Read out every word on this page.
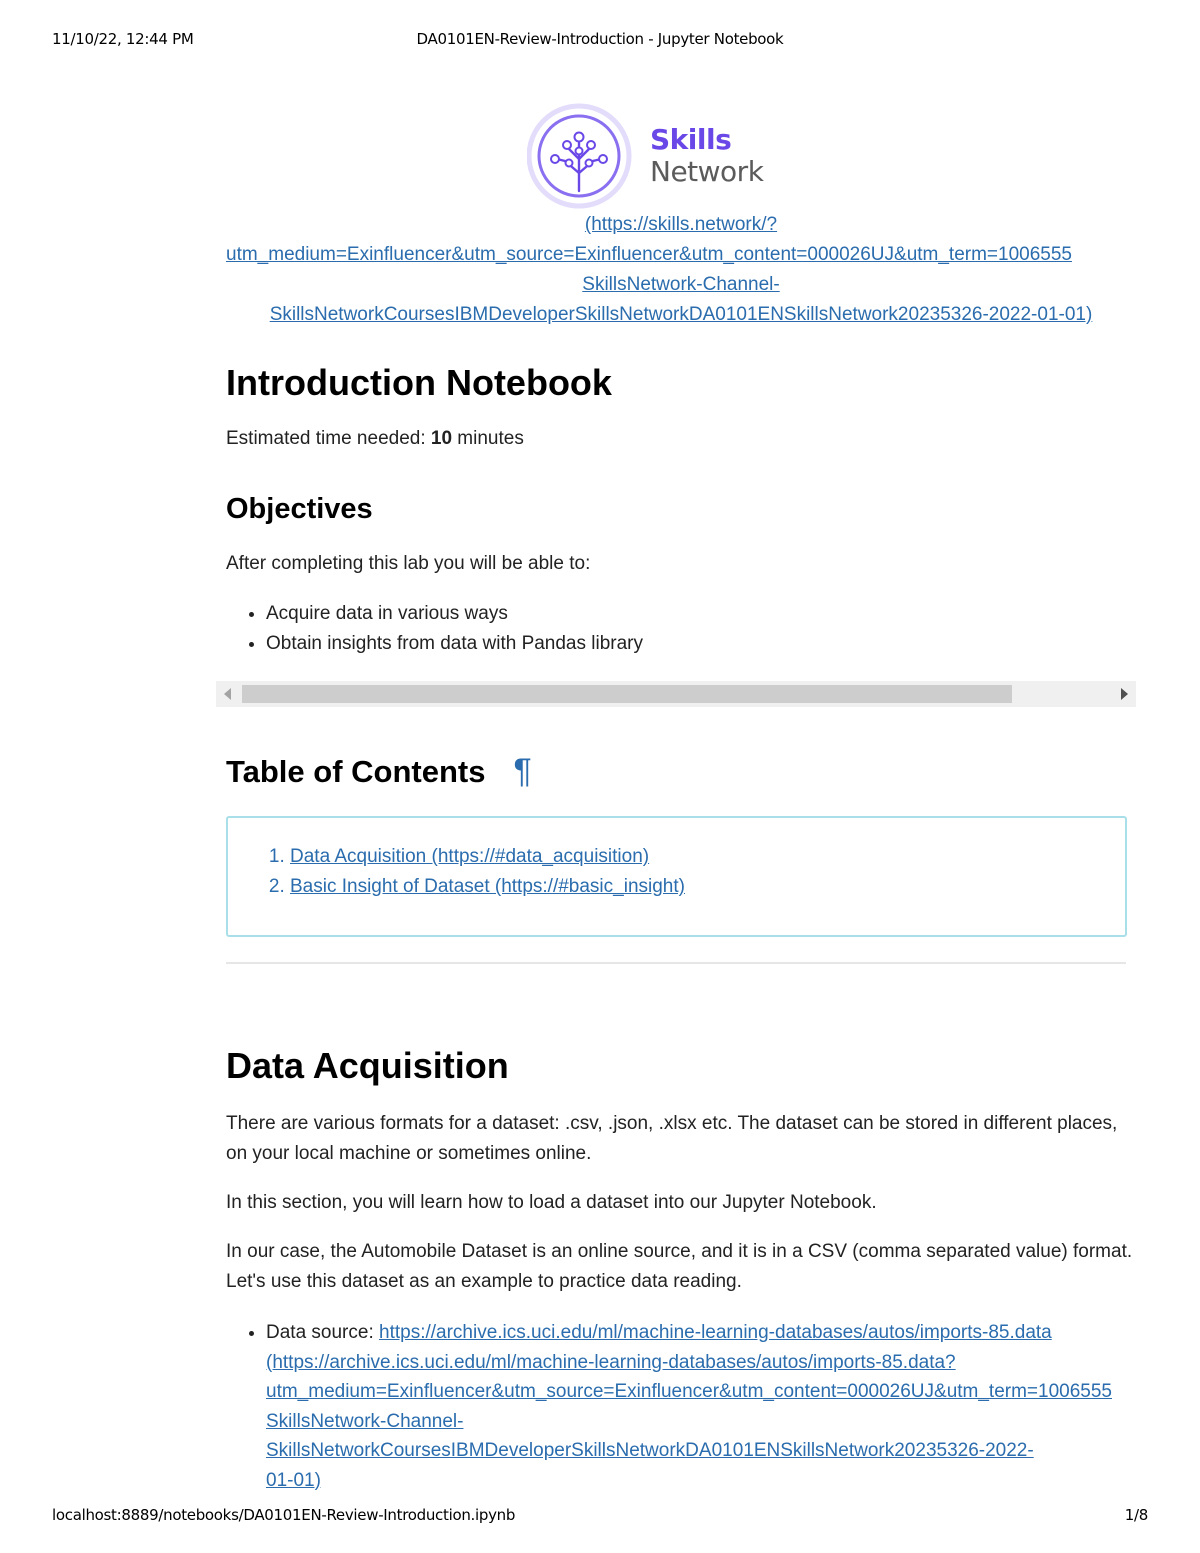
11/10/22, 12:44 PM	DA0101EN-Review-Introduction - Jupyter Notebook
Skills
Network
(https://skills.network/?
utm_medium=Exinfluencer&utm_source=Exinfluencer&utm_content=000026UJ&utm_term=1006555
SkillsNetwork-Channel-
SkillsNetworkCoursesIBMDeveloperSkillsNetworkDA0101ENSkillsNetwork20235326-2022-01-01)
Introduction Notebook
Estimated time needed: 10 minutes
Objectives
After completing this lab you will be able to:
• Acquire data in various ways
• Obtain insights from data with Pandas library
Table of Contents ¶
1. Data Acquisition (https://#data_acquisition)
2. Basic Insight of Dataset (https://#basic_insight)
Data Acquisition

There are various formats for a dataset: .csv, .json, .xlsx etc. The dataset can be stored in different places, on your local machine or sometimes online.

In this section, you will learn how to load a dataset into our Jupyter Notebook.

In our case, the Automobile Dataset is an online source, and it is in a CSV (comma separated value) format. Let's use this dataset as an example to practice data reading.

• Data source: https://archive.ics.uci.edu/ml/machine-learning-databases/autos/imports-85.data
(https://archive.ics.uci.edu/ml/machine-learning-databases/autos/imports-85.data?
utm_medium=Exinfluencer&utm_source=Exinfluencer&utm_content=000026UJ&utm_term=1006555
SkillsNetwork-Channel-
SkillsNetworkCoursesIBMDeveloperSkillsNetworkDA0101ENSkillsNetwork20235326-2022-
01-01)
localhost:8889/notebooks/DA0101EN-Review-Introduction.ipynb	1/8
